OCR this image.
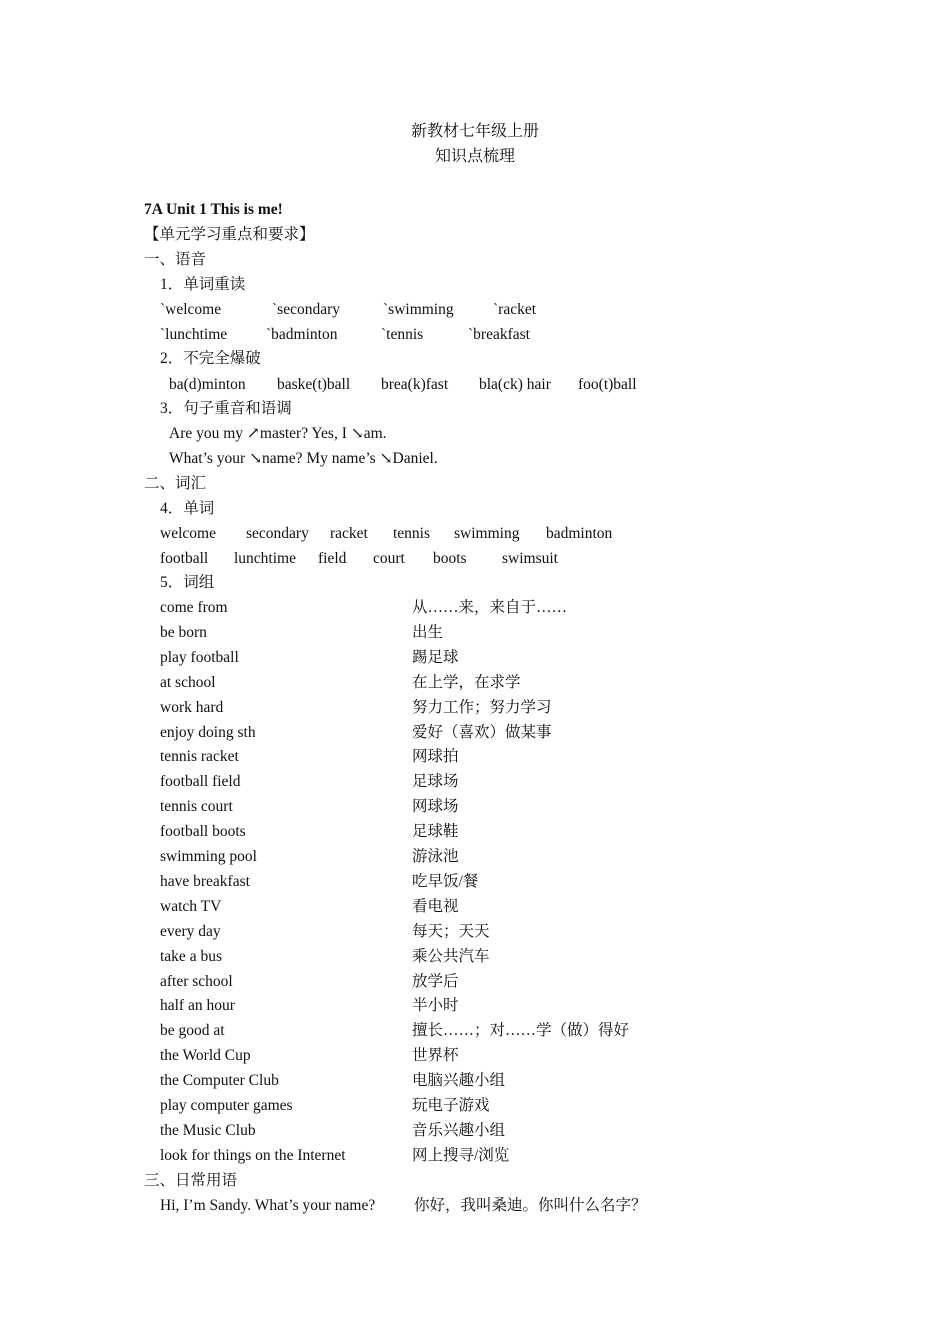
新教材七年级上册
知识点梳理
7A Unit 1 This is me!
【单元学习重点和要求】
一、语音
1．单词重读
`welcome	`secondary	`swimming	`racket
`lunchtime	`badminton	`tennis	`breakfast
2．不完全爆破
ba(d)minton baske(t)ball brea(k)fast bla(ck) hair foo(t)ball
3．句子重音和语调
Are you my ↗master? Yes, I ↘am.
What’s your ↘name? My name’s ↘Daniel.
二、词汇
4．单词
welcome secondary racket tennis swimming badminton
football lunchtime field court boots swimsuit
5．词组
come from	从……来，来自于……
be born	出生
play football	踢足球
at school	在上学，在求学
work hard	努力工作；努力学习
enjoy doing sth	爱好（喜欢）做某事
tennis racket	网球拍
football field	足球场
tennis court	网球场
football boots	足球鞋
swimming pool	游泳池
have breakfast	吃早饭/餐
watch TV	看电视
every day	每天；天天
take a bus	乘公共汽车
after school	放学后
half an hour	半小时
be good at	擅长……；对……学（做）得好
the World Cup	世界杯
the Computer Club	电脑兴趣小组
play computer games	玩电子游戏
the Music Club	音乐兴趣小组
look for things on the Internet	网上搜寻/浏览
三、日常用语
Hi, I’m Sandy. What’s your name?	你好，我叫桑迪。你叫什么名字？
